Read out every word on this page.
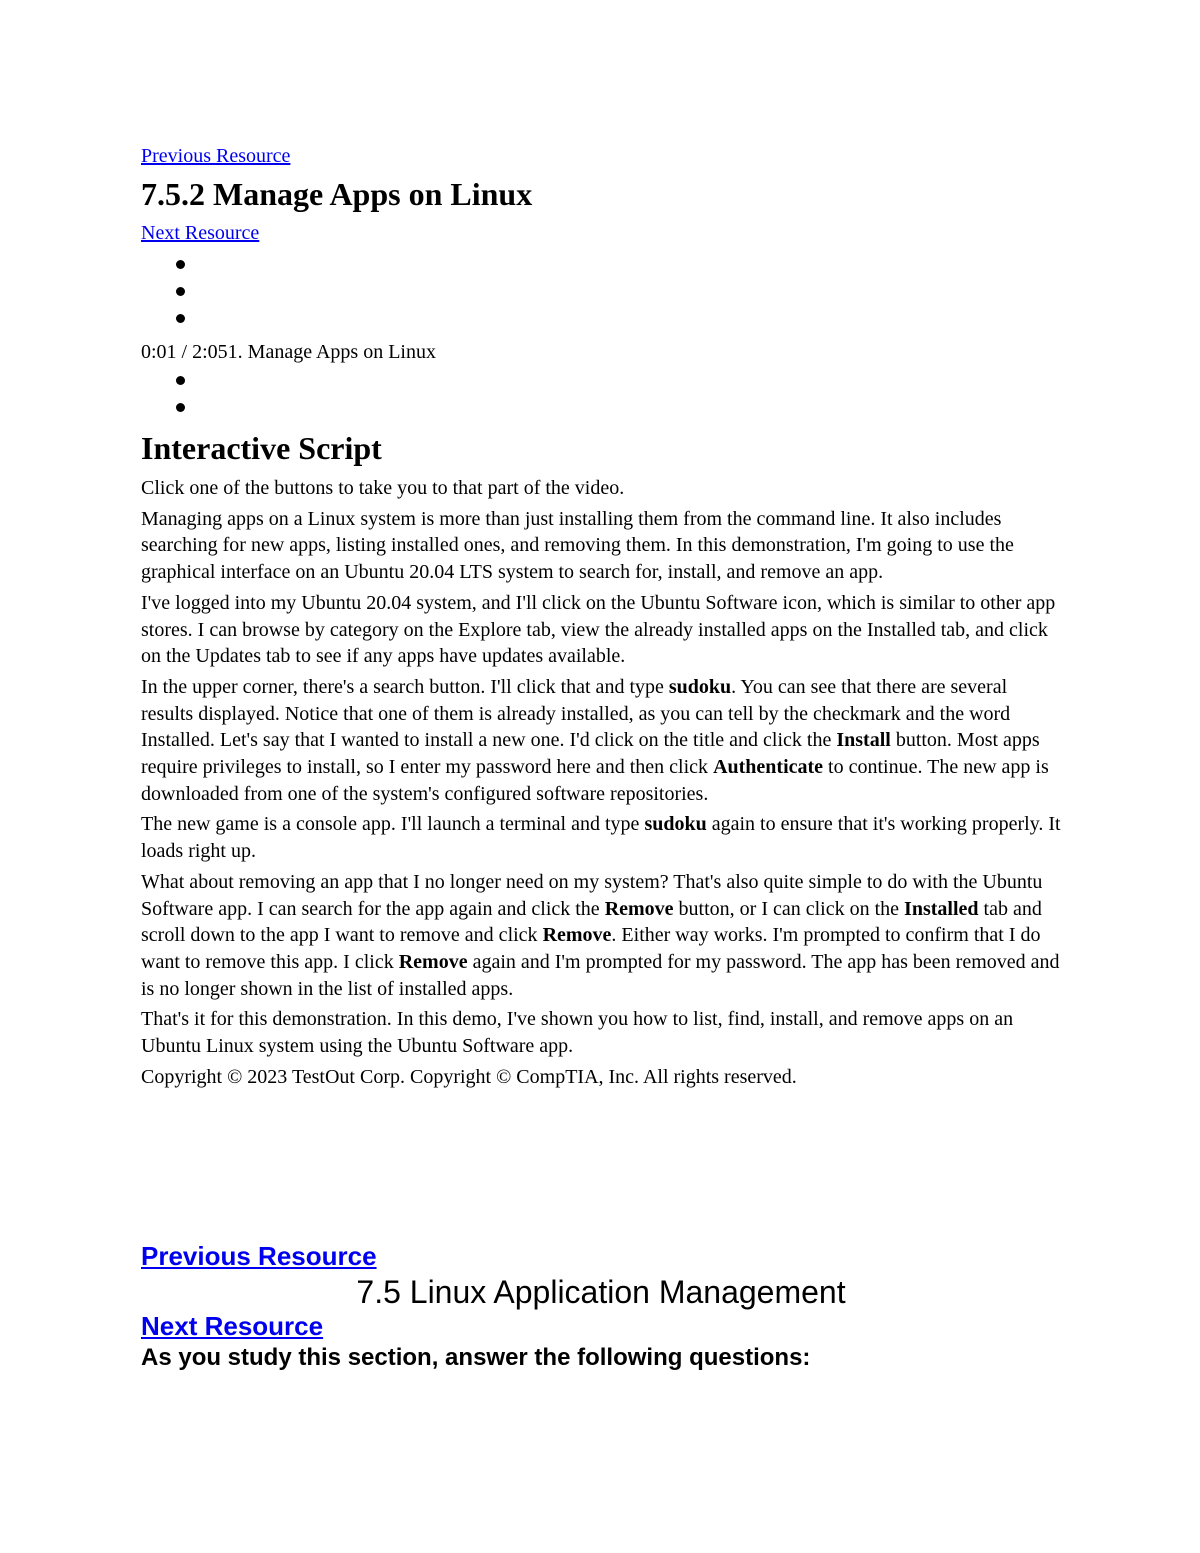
Previous Resource
7.5.2 Manage Apps on Linux
Next Resource
0:01 / 2:051. Manage Apps on Linux
Interactive Script

Click one of the buttons to take you to that part of the video.

Managing apps on a Linux system is more than just installing them from the command line. It also includes searching for new apps, listing installed ones, and removing them. In this demonstration, I'm going to use the graphical interface on an Ubuntu 20.04 LTS system to search for, install, and remove an app.

I've logged into my Ubuntu 20.04 system, and I'll click on the Ubuntu Software icon, which is similar to other app stores. I can browse by category on the Explore tab, view the already installed apps on the Installed tab, and click on the Updates tab to see if any apps have updates available.

In the upper corner, there's a search button. I'll click that and type sudoku. You can see that there are several results displayed. Notice that one of them is already installed, as you can tell by the checkmark and the word Installed. Let's say that I wanted to install a new one. I'd click on the title and click the Install button. Most apps require privileges to install, so I enter my password here and then click Authenticate to continue. The new app is downloaded from one of the system's configured software repositories.

The new game is a console app. I'll launch a terminal and type sudoku again to ensure that it's working properly. It loads right up.

What about removing an app that I no longer need on my system? That's also quite simple to do with the Ubuntu Software app. I can search for the app again and click the Remove button, or I can click on the Installed tab and scroll down to the app I want to remove and click Remove. Either way works. I'm prompted to confirm that I do want to remove this app. I click Remove again and I'm prompted for my password. The app has been removed and is no longer shown in the list of installed apps.

That's it for this demonstration. In this demo, I've shown you how to list, find, install, and remove apps on an Ubuntu Linux system using the Ubuntu Software app.

Copyright © 2023 TestOut Corp. Copyright © CompTIA, Inc. All rights reserved.

Previous Resource
7.5 Linux Application Management
Next Resource

As you study this section, answer the following questions:
